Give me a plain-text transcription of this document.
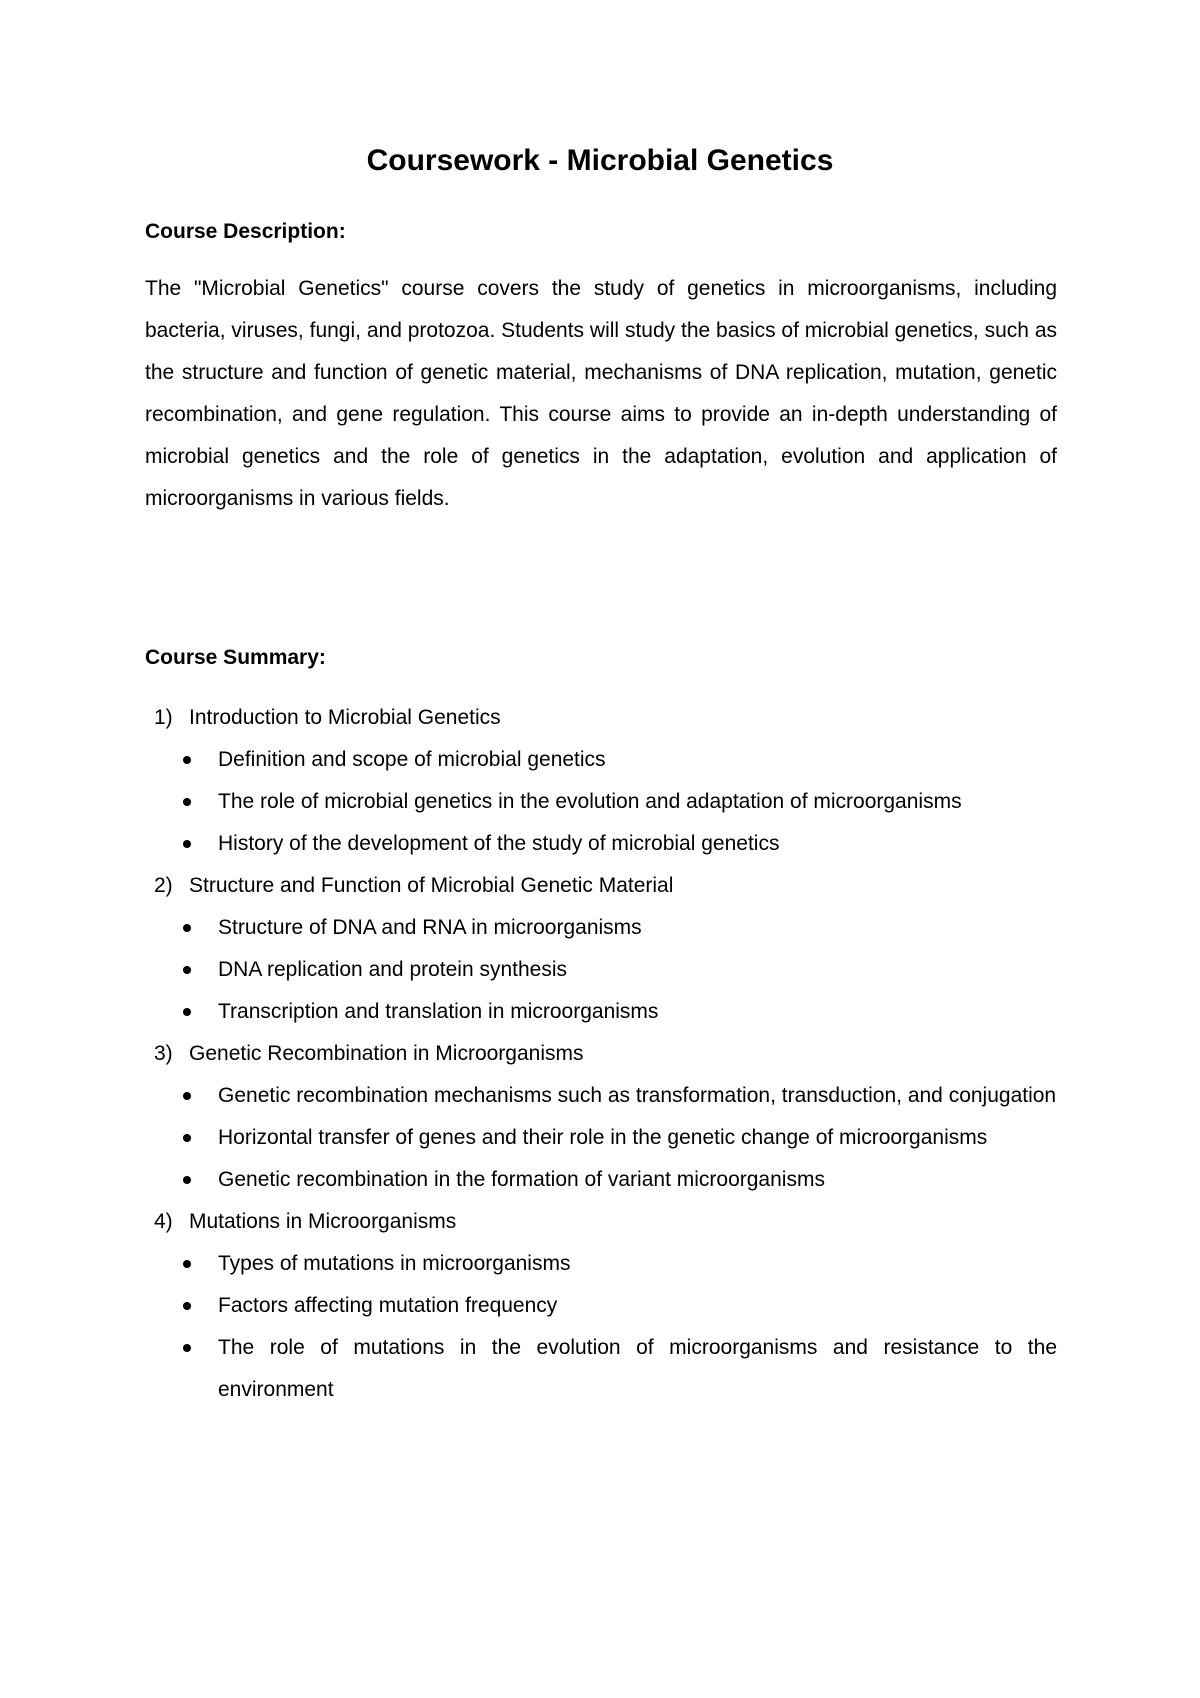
Coursework - Microbial Genetics
Course Description:

The "Microbial Genetics" course covers the study of genetics in microorganisms, including bacteria, viruses, fungi, and protozoa. Students will study the basics of microbial genetics, such as the structure and function of genetic material, mechanisms of DNA replication, mutation, genetic recombination, and gene regulation. This course aims to provide an in-depth understanding of microbial genetics and the role of genetics in the adaptation, evolution and application of microorganisms in various fields.

Course Summary:
1) Introduction to Microbial Genetics
Definition and scope of microbial genetics
The role of microbial genetics in the evolution and adaptation of microorganisms
History of the development of the study of microbial genetics
2) Structure and Function of Microbial Genetic Material
Structure of DNA and RNA in microorganisms
DNA replication and protein synthesis
Transcription and translation in microorganisms
3) Genetic Recombination in Microorganisms
Genetic recombination mechanisms such as transformation, transduction, and conjugation
Horizontal transfer of genes and their role in the genetic change of microorganisms
Genetic recombination in the formation of variant microorganisms
4) Mutations in Microorganisms
Types of mutations in microorganisms
Factors affecting mutation frequency
The role of mutations in the evolution of microorganisms and resistance to the environment
